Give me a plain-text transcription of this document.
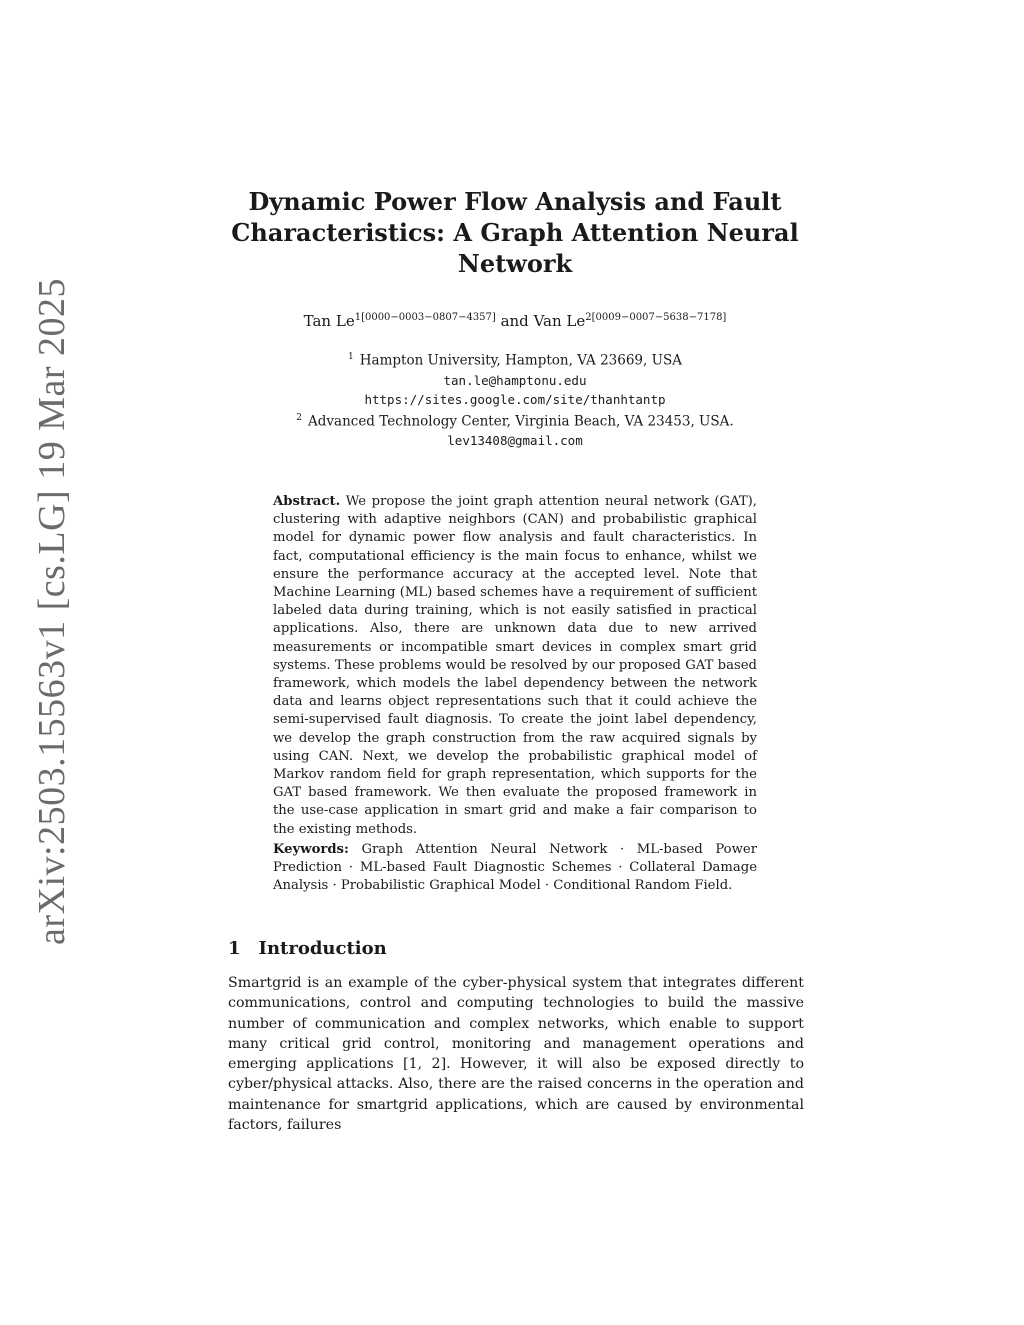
arXiv:2503.15563v1 [cs.LG] 19 Mar 2025
Dynamic Power Flow Analysis and Fault
Characteristics: A Graph Attention Neural
Network
Tan $Le^{1[0000-0003-0807-4357]}$ and Van $Le^{2[0009-0007-5638-7178]}$
$^1$ Hampton University, Hampton, VA 23669, USA
tan.le@hamptonu.edu
https://sites.google.com/site/thanhtantp
$^2$ Advanced Technology Center, Virginia Beach, VA 23453, USA.
lev13408@gmail.com
Abstract. We propose the joint graph attention neural network (GAT), clustering with adaptive neighbors (CAN) and probabilistic graphical model for dynamic power flow analysis and fault characteristics. In fact, computational efficiency is the main focus to enhance, whilst we ensure the performance accuracy at the accepted level. Note that Machine Learning (ML) based schemes have a requirement of sufficient labeled data during training, which is not easily satisfied in practical applications. Also, there are unknown data due to new arrived measurements or incompatible smart devices in complex smart grid systems. These problems would be resolved by our proposed GAT based framework, which models the label dependency between the network data and learns object representations such that it could achieve the semi-supervised fault diagnosis. To create the joint label dependency, we develop the graph construction from the raw acquired signals by using CAN. Next, we develop the probabilistic graphical model of Markov random field for graph representation, which supports for the GAT based framework. We then evaluate the proposed framework in the use-case application in smart grid and make a fair comparison to the existing methods.
Keywords: Graph Attention Neural Network · ML-based Power Prediction · ML-based Fault Diagnostic Schemes · Collateral Damage Analysis · Probabilistic Graphical Model · Conditional Random Field.
1 Introduction
Smartgrid is an example of the cyber-physical system that integrates different communications, control and computing technologies to build the massive number of communication and complex networks, which enable to support many critical grid control, monitoring and management operations and emerging applications [1, 2]. However, it will also be exposed directly to cyber/physical attacks. Also, there are the raised concerns in the operation and maintenance for smartgrid applications, which are caused by environmental factors, failures
